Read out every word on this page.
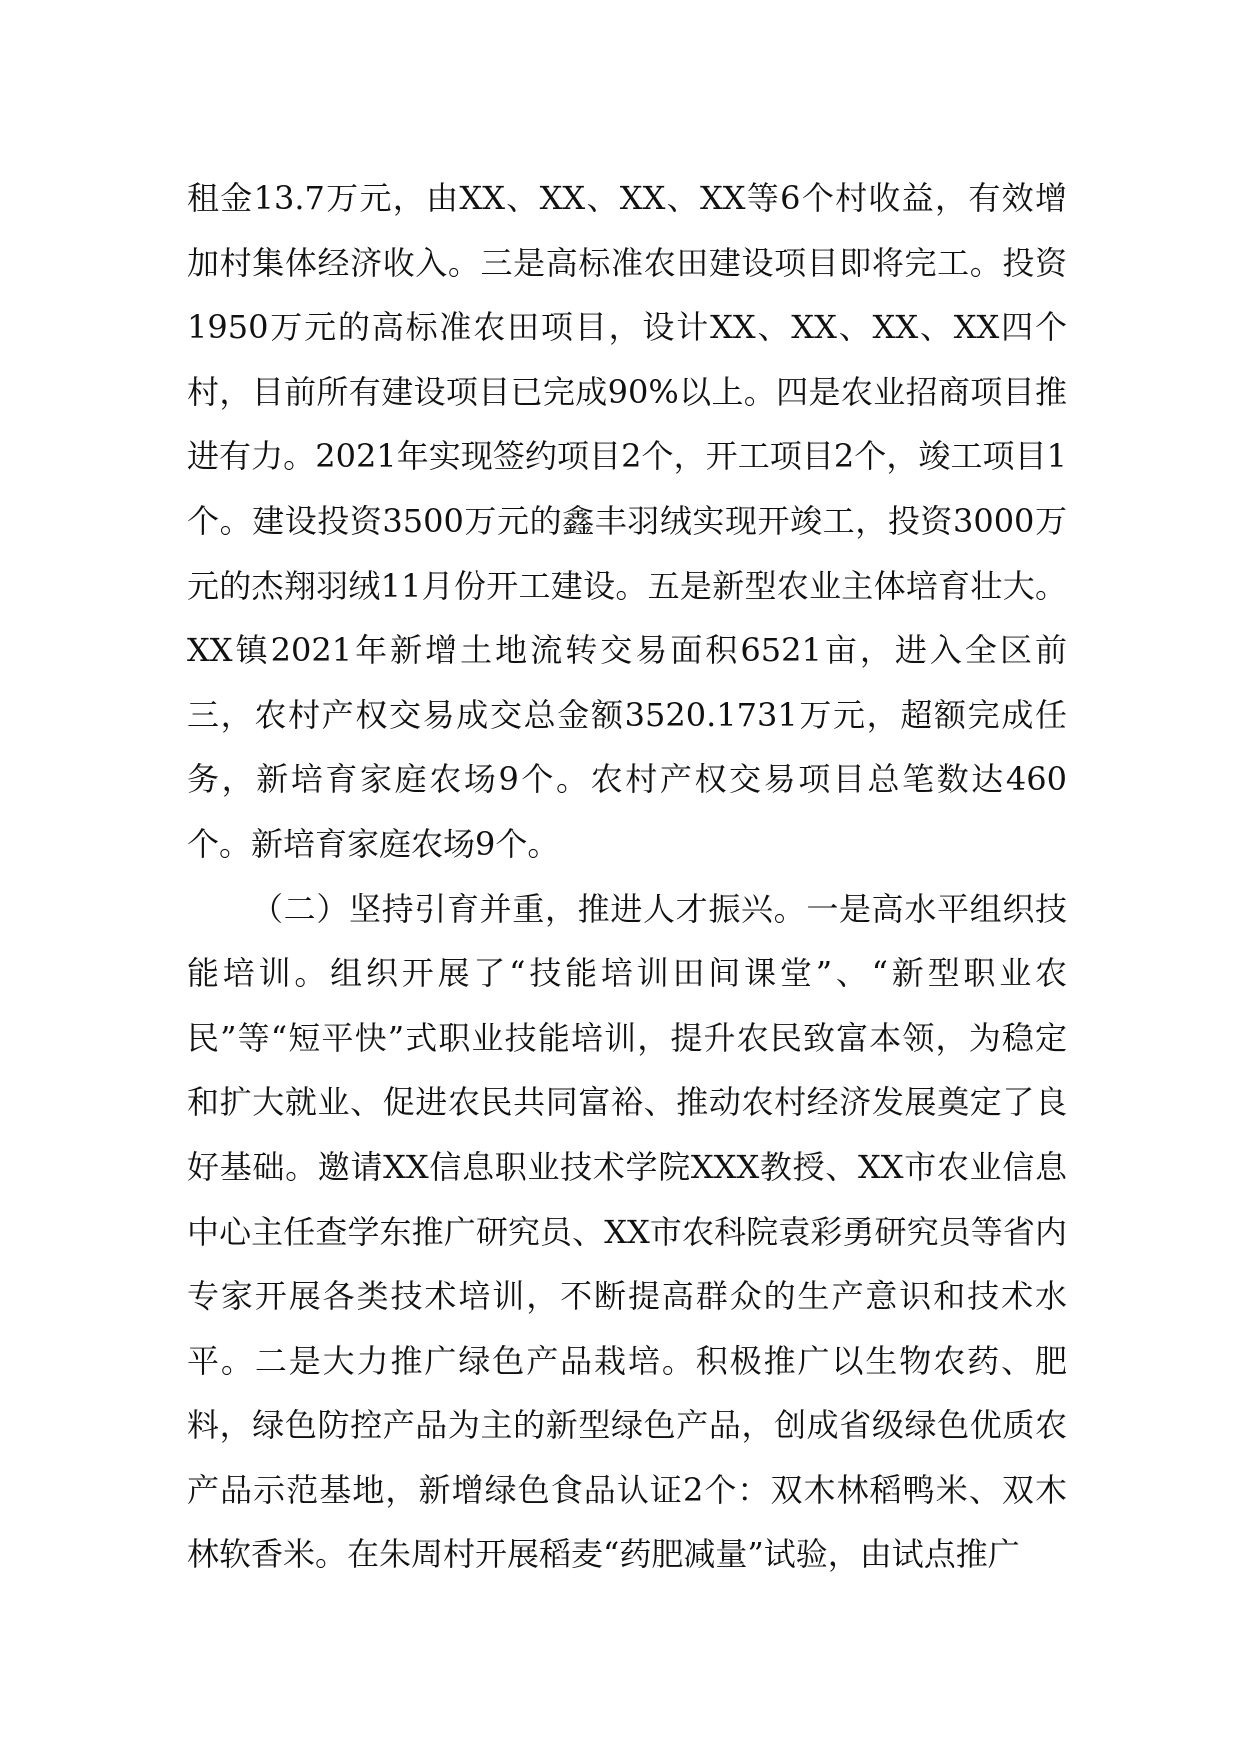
租金13.7万元，由XX、XX、XX、XX等6个村收益，有效增加村集体经济收入。三是高标准农田建设项目即将完工。投资1950万元的高标准农田项目，设计XX、XX、XX、XX四个村，目前所有建设项目已完成90%以上。四是农业招商项目推进有力。2021年实现签约项目2个，开工项目2个，竣工项目1个。建设投资3500万元的鑫丰羽绒实现开竣工，投资3000万元的杰翔羽绒11月份开工建设。五是新型农业主体培育壮大。XX镇2021年新增土地流转交易面积6521亩，进入全区前三，农村产权交易成交总金额3520.1731万元，超额完成任务，新培育家庭农场9个。农村产权交易项目总笔数达460个。新培育家庭农场9个。

（二）坚持引育并重，推进人才振兴。一是高水平组织技能培训。组织开展了“技能培训田间课堂”、“新型职业农民”等“短平快”式职业技能培训，提升农民致富本领，为稳定和扩大就业、促进农民共同富裕、推动农村经济发展奠定了良好基础。邀请XX信息职业技术学院XXX教授、XX市农业信息中心主任查学东推广研究员、XX市农科院袁彩勇研究员等省内专家开展各类技术培训，不断提高群众的生产意识和技术水平。二是大力推广绿色产品栽培。积极推广以生物农药、肥料，绿色防控产品为主的新型绿色产品，创成省级绿色优质农产品示范基地，新增绿色食品认证2个：双木林稻鸭米、双木林软香米。在朱周村开展稻麦“药肥减量”试验，由试点推广
